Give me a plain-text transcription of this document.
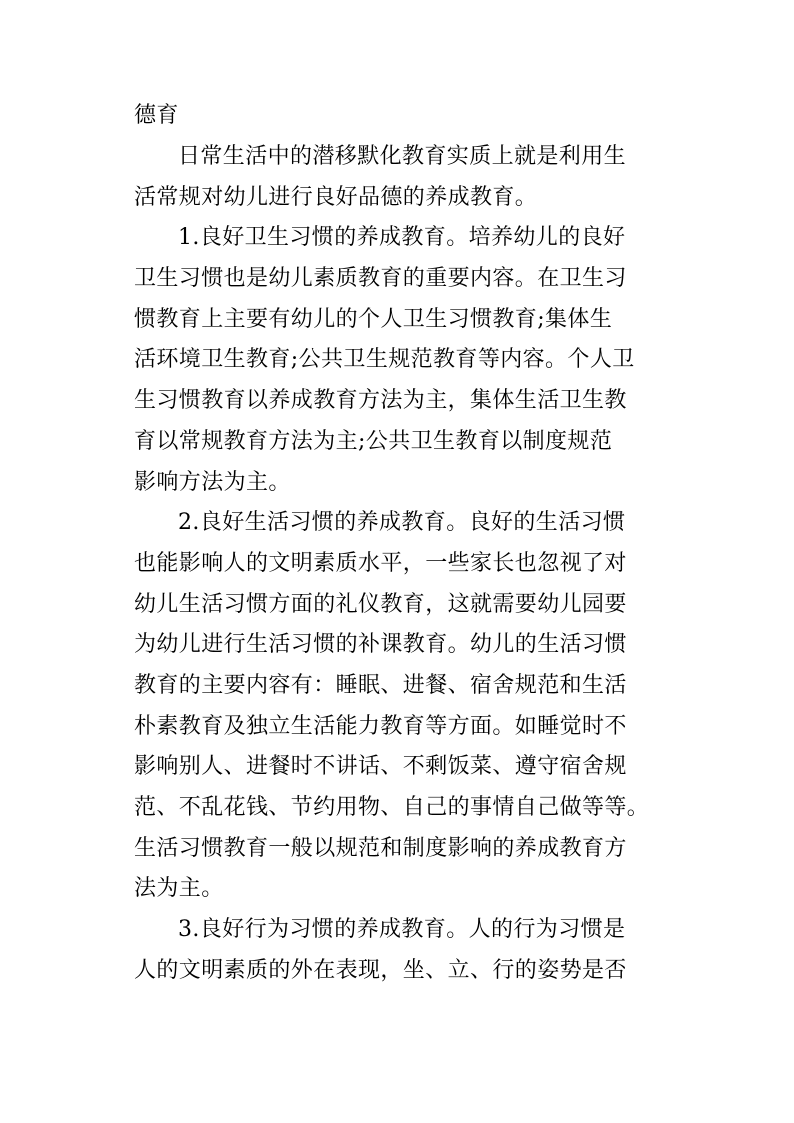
德育
日常生活中的潜移默化教育实质上就是利用生
活常规对幼儿进行良好品德的养成教育。
1.良好卫生习惯的养成教育。培养幼儿的良好
卫生习惯也是幼儿素质教育的重要内容。在卫生习
惯教育上主要有幼儿的个人卫生习惯教育;集体生
活环境卫生教育;公共卫生规范教育等内容。个人卫
生习惯教育以养成教育方法为主，集体生活卫生教
育以常规教育方法为主;公共卫生教育以制度规范
影响方法为主。
2.良好生活习惯的养成教育。良好的生活习惯
也能影响人的文明素质水平，一些家长也忽视了对
幼儿生活习惯方面的礼仪教育，这就需要幼儿园要
为幼儿进行生活习惯的补课教育。幼儿的生活习惯
教育的主要内容有：睡眠、进餐、宿舍规范和生活
朴素教育及独立生活能力教育等方面。如睡觉时不
影响别人、进餐时不讲话、不剩饭菜、遵守宿舍规
范、不乱花钱、节约用物、自己的事情自己做等等。
生活习惯教育一般以规范和制度影响的养成教育方
法为主。
3.良好行为习惯的养成教育。人的行为习惯是
人的文明素质的外在表现，坐、立、行的姿势是否
